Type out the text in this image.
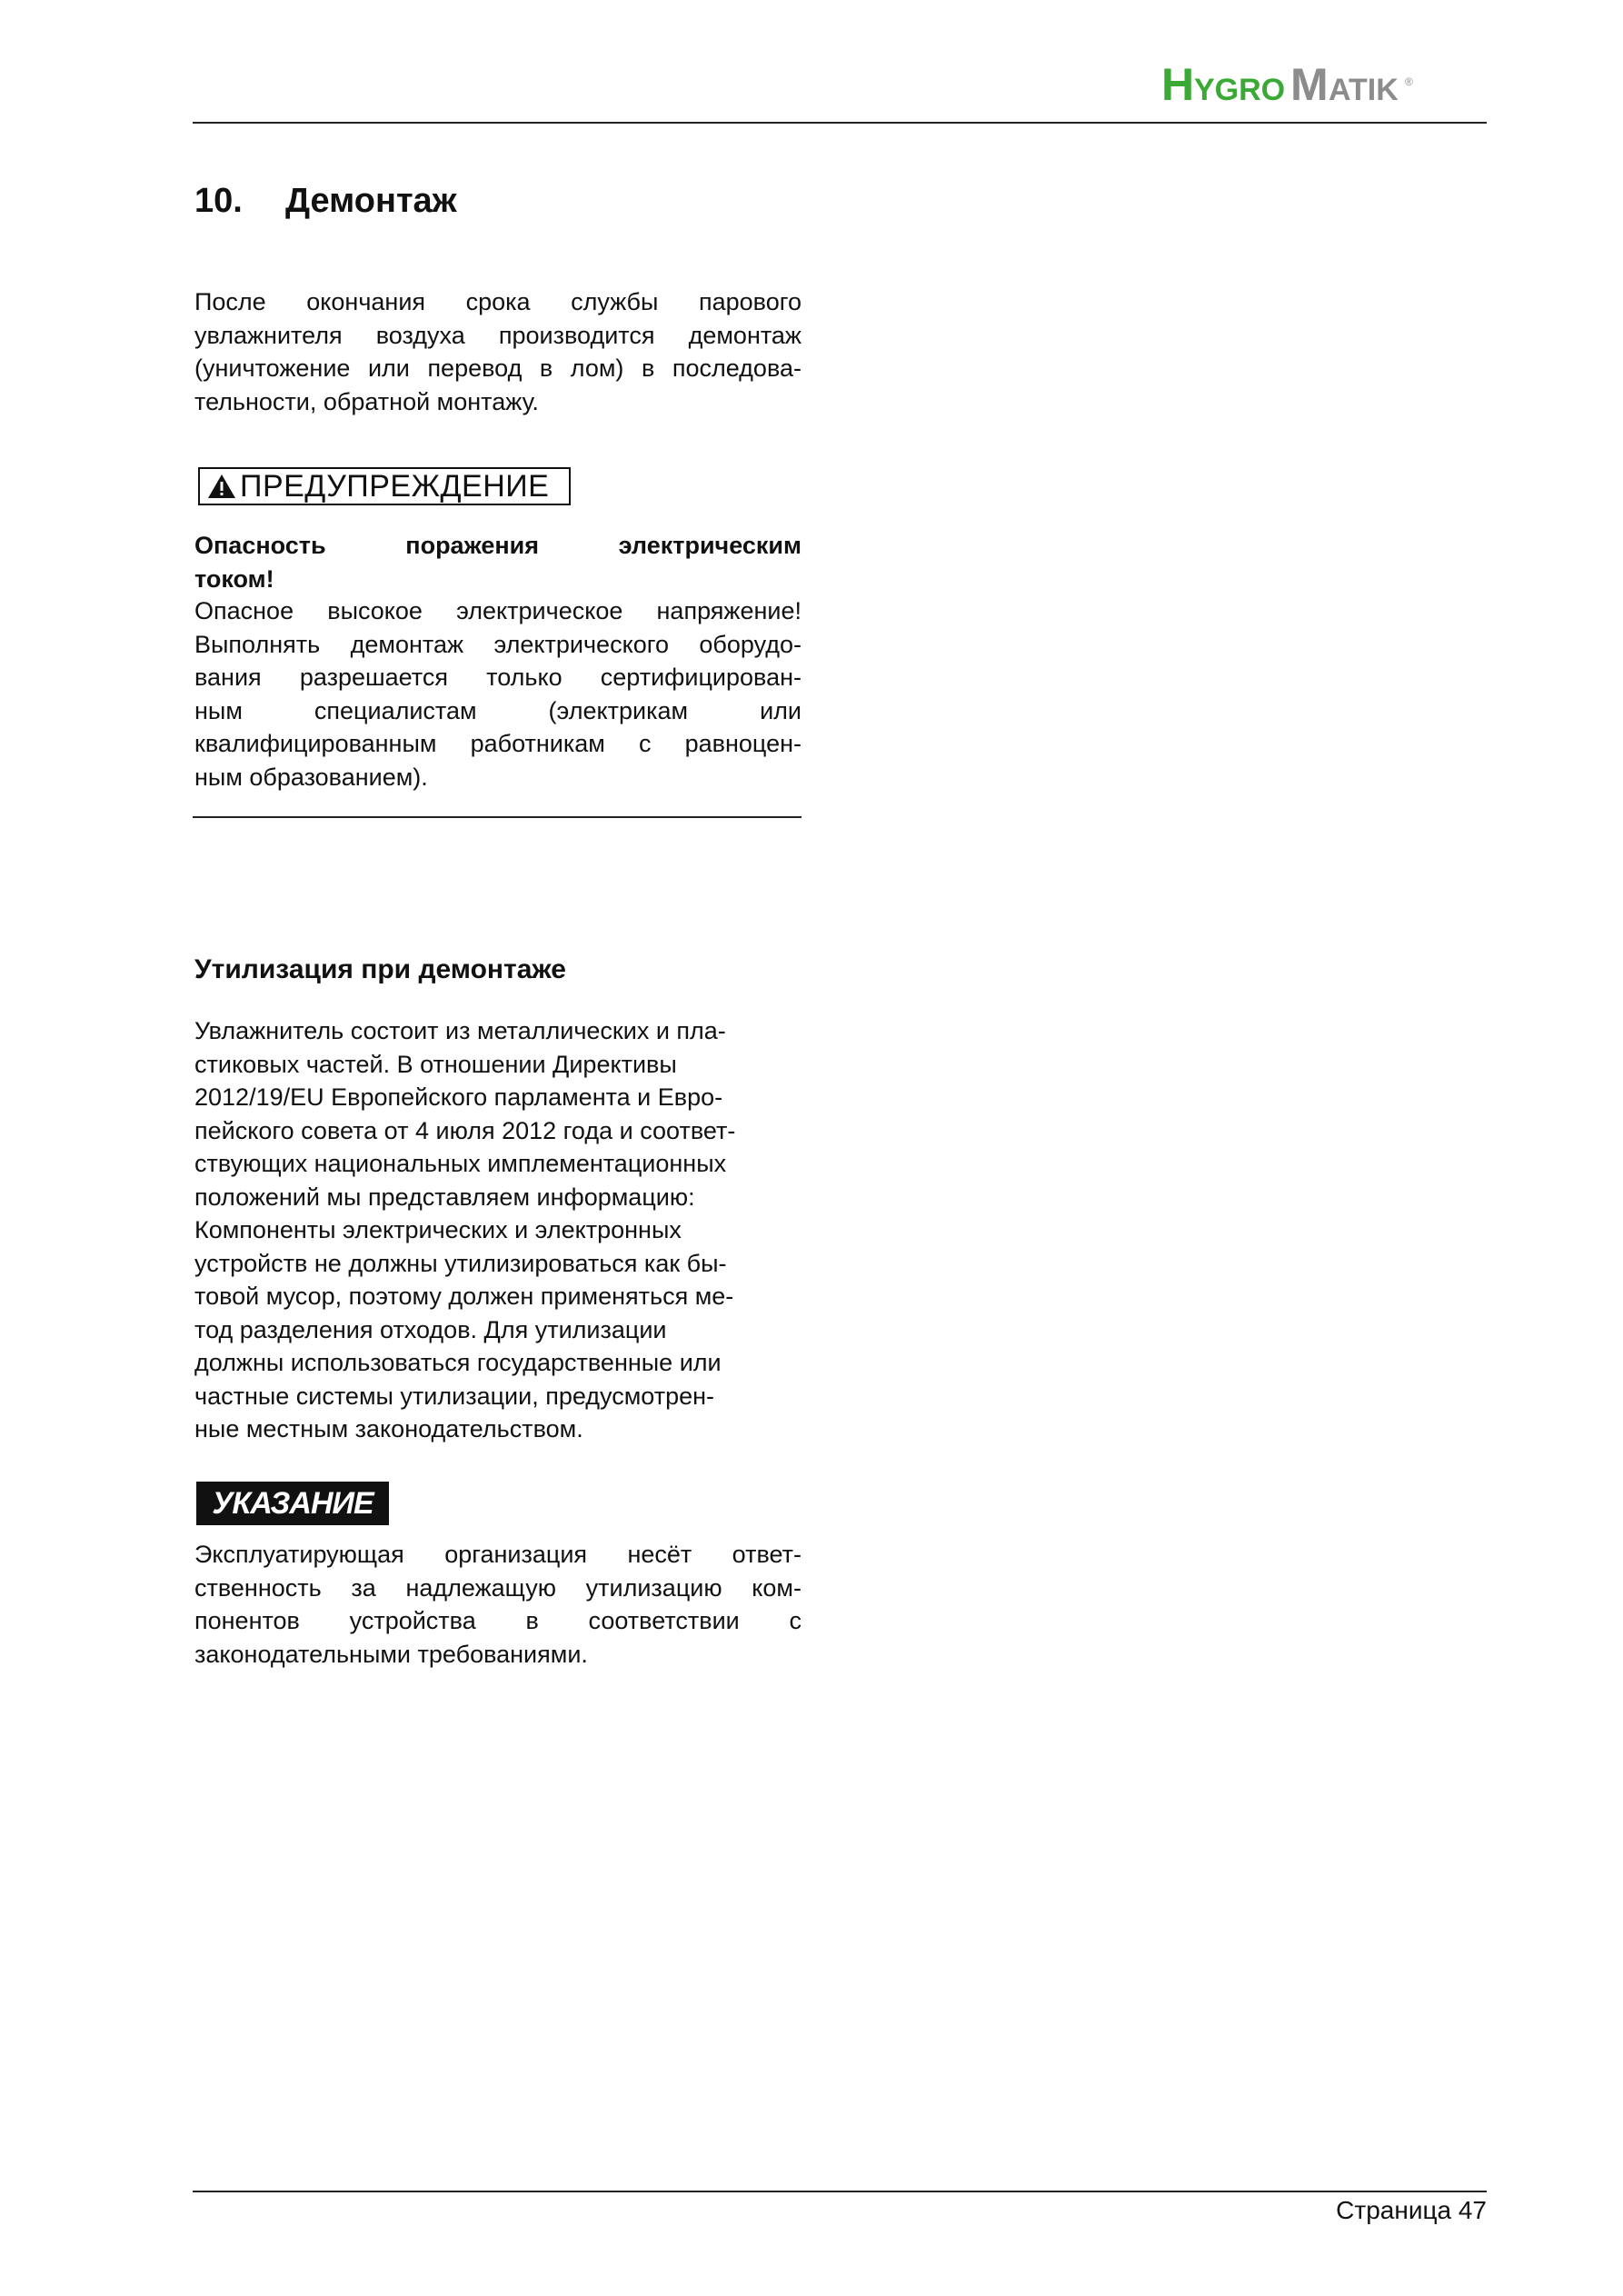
H YGRO M ATIK ®
10. Демонтаж
После окончания срока службы парового
увлажнителя воздуха производится демонтаж
(уничтожение или перевод в лом) в последова-
тельности, обратной монтажу.
ПРЕДУПРЕЖДЕНИЕ
Опасность поражения электрическим
током!
Опасное высокое электрическое напряжение!
Выполнять демонтаж электрического оборудо-
вания разрешается только сертифицирован-
ным специалистам (электрикам или
квалифицированным работникам с равноцен-
ным образованием).
Утилизация при демонтаже
Увлажнитель состоит из металлических и пла-
стиковых частей. В отношении Директивы
2012/19/EU Европейского парламента и Евро-
пейского совета от 4 июля 2012 года и соответ-
ствующих национальных имплементационных
положений мы представляем информацию:
Компоненты электрических и электронных
устройств не должны утилизироваться как бы-
товой мусор, поэтому должен применяться ме-
тод разделения отходов. Для утилизации
должны использоваться государственные или
частные системы утилизации, предусмотрен-
ные местным законодательством.
УКАЗАНИЕ
Эксплуатирующая организация несёт ответ-
ственность за надлежащую утилизацию ком-
понентов устройства в соответствии с
законодательными требованиями.
Страница 47
